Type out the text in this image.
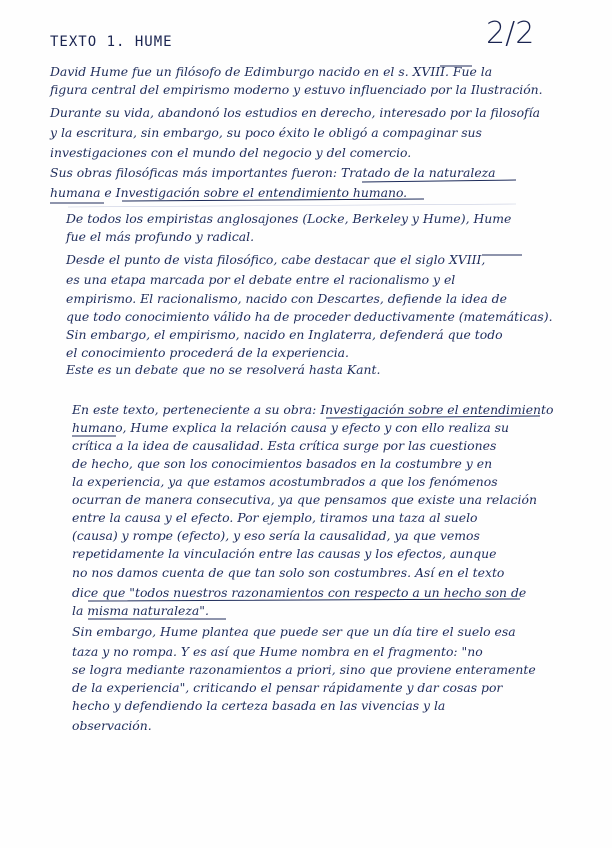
TEXTO 1. HUME	2/2
David Hume fue un filósofo de Edimburgo nacido en el s. XVIII. Fue la
figura central del empirismo moderno y estuvo influenciado por la Ilustración.
Durante su vida, abandonó los estudios en derecho, interesado por la filosofía
y la escritura, sin embargo, su poco éxito le obligó a compaginar sus
investigaciones con el mundo del negocio y del comercio.
Sus obras filosóficas más importantes fueron: Tratado de la naturaleza
humana e Investigación sobre el entendimiento humano.
De todos los empiristas anglosajones (Locke, Berkeley y Hume), Hume
fue el más profundo y radical.
Desde el punto de vista filosófico, cabe destacar que el siglo XVIII,
es una etapa marcada por el debate entre el racionalismo y el
empirismo. El racionalismo, nacido con Descartes, defiende la idea de
que todo conocimiento válido ha de proceder deductivamente (matemáticas).
Sin embargo, el empirismo, nacido en Inglaterra, defenderá que todo
el conocimiento procederá de la experiencia.
Este es un debate que no se resolverá hasta Kant.
En este texto, perteneciente a su obra: Investigación sobre el entendimiento
humano, Hume explica la relación causa y efecto y con ello realiza su
crítica a la idea de causalidad. Esta crítica surge por las cuestiones
de hecho, que son los conocimientos basados en la costumbre y en
la experiencia, ya que estamos acostumbrados a que los fenómenos
ocurran de manera consecutiva, ya que pensamos que existe una relación
entre la causa y el efecto. Por ejemplo, tiramos una taza al suelo
(causa) y rompe (efecto), y eso sería la causalidad, ya que vemos
repetidamente la vinculación entre las causas y los efectos, aunque
no nos damos cuenta de que tan solo son costumbres. Así en el texto
dice que "todos nuestros razonamientos con respecto a un hecho son de
la misma naturaleza".
Sin embargo, Hume plantea que puede ser que un día tire el suelo esa
taza y no rompa. Y es así que Hume nombra en el fragmento: "no
se logra mediante razonamientos a priori, sino que proviene enteramente
de la experiencia", criticando el pensar rápidamente y dar cosas por
hecho y defendiendo la certeza basada en las vivencias y la
observación.
